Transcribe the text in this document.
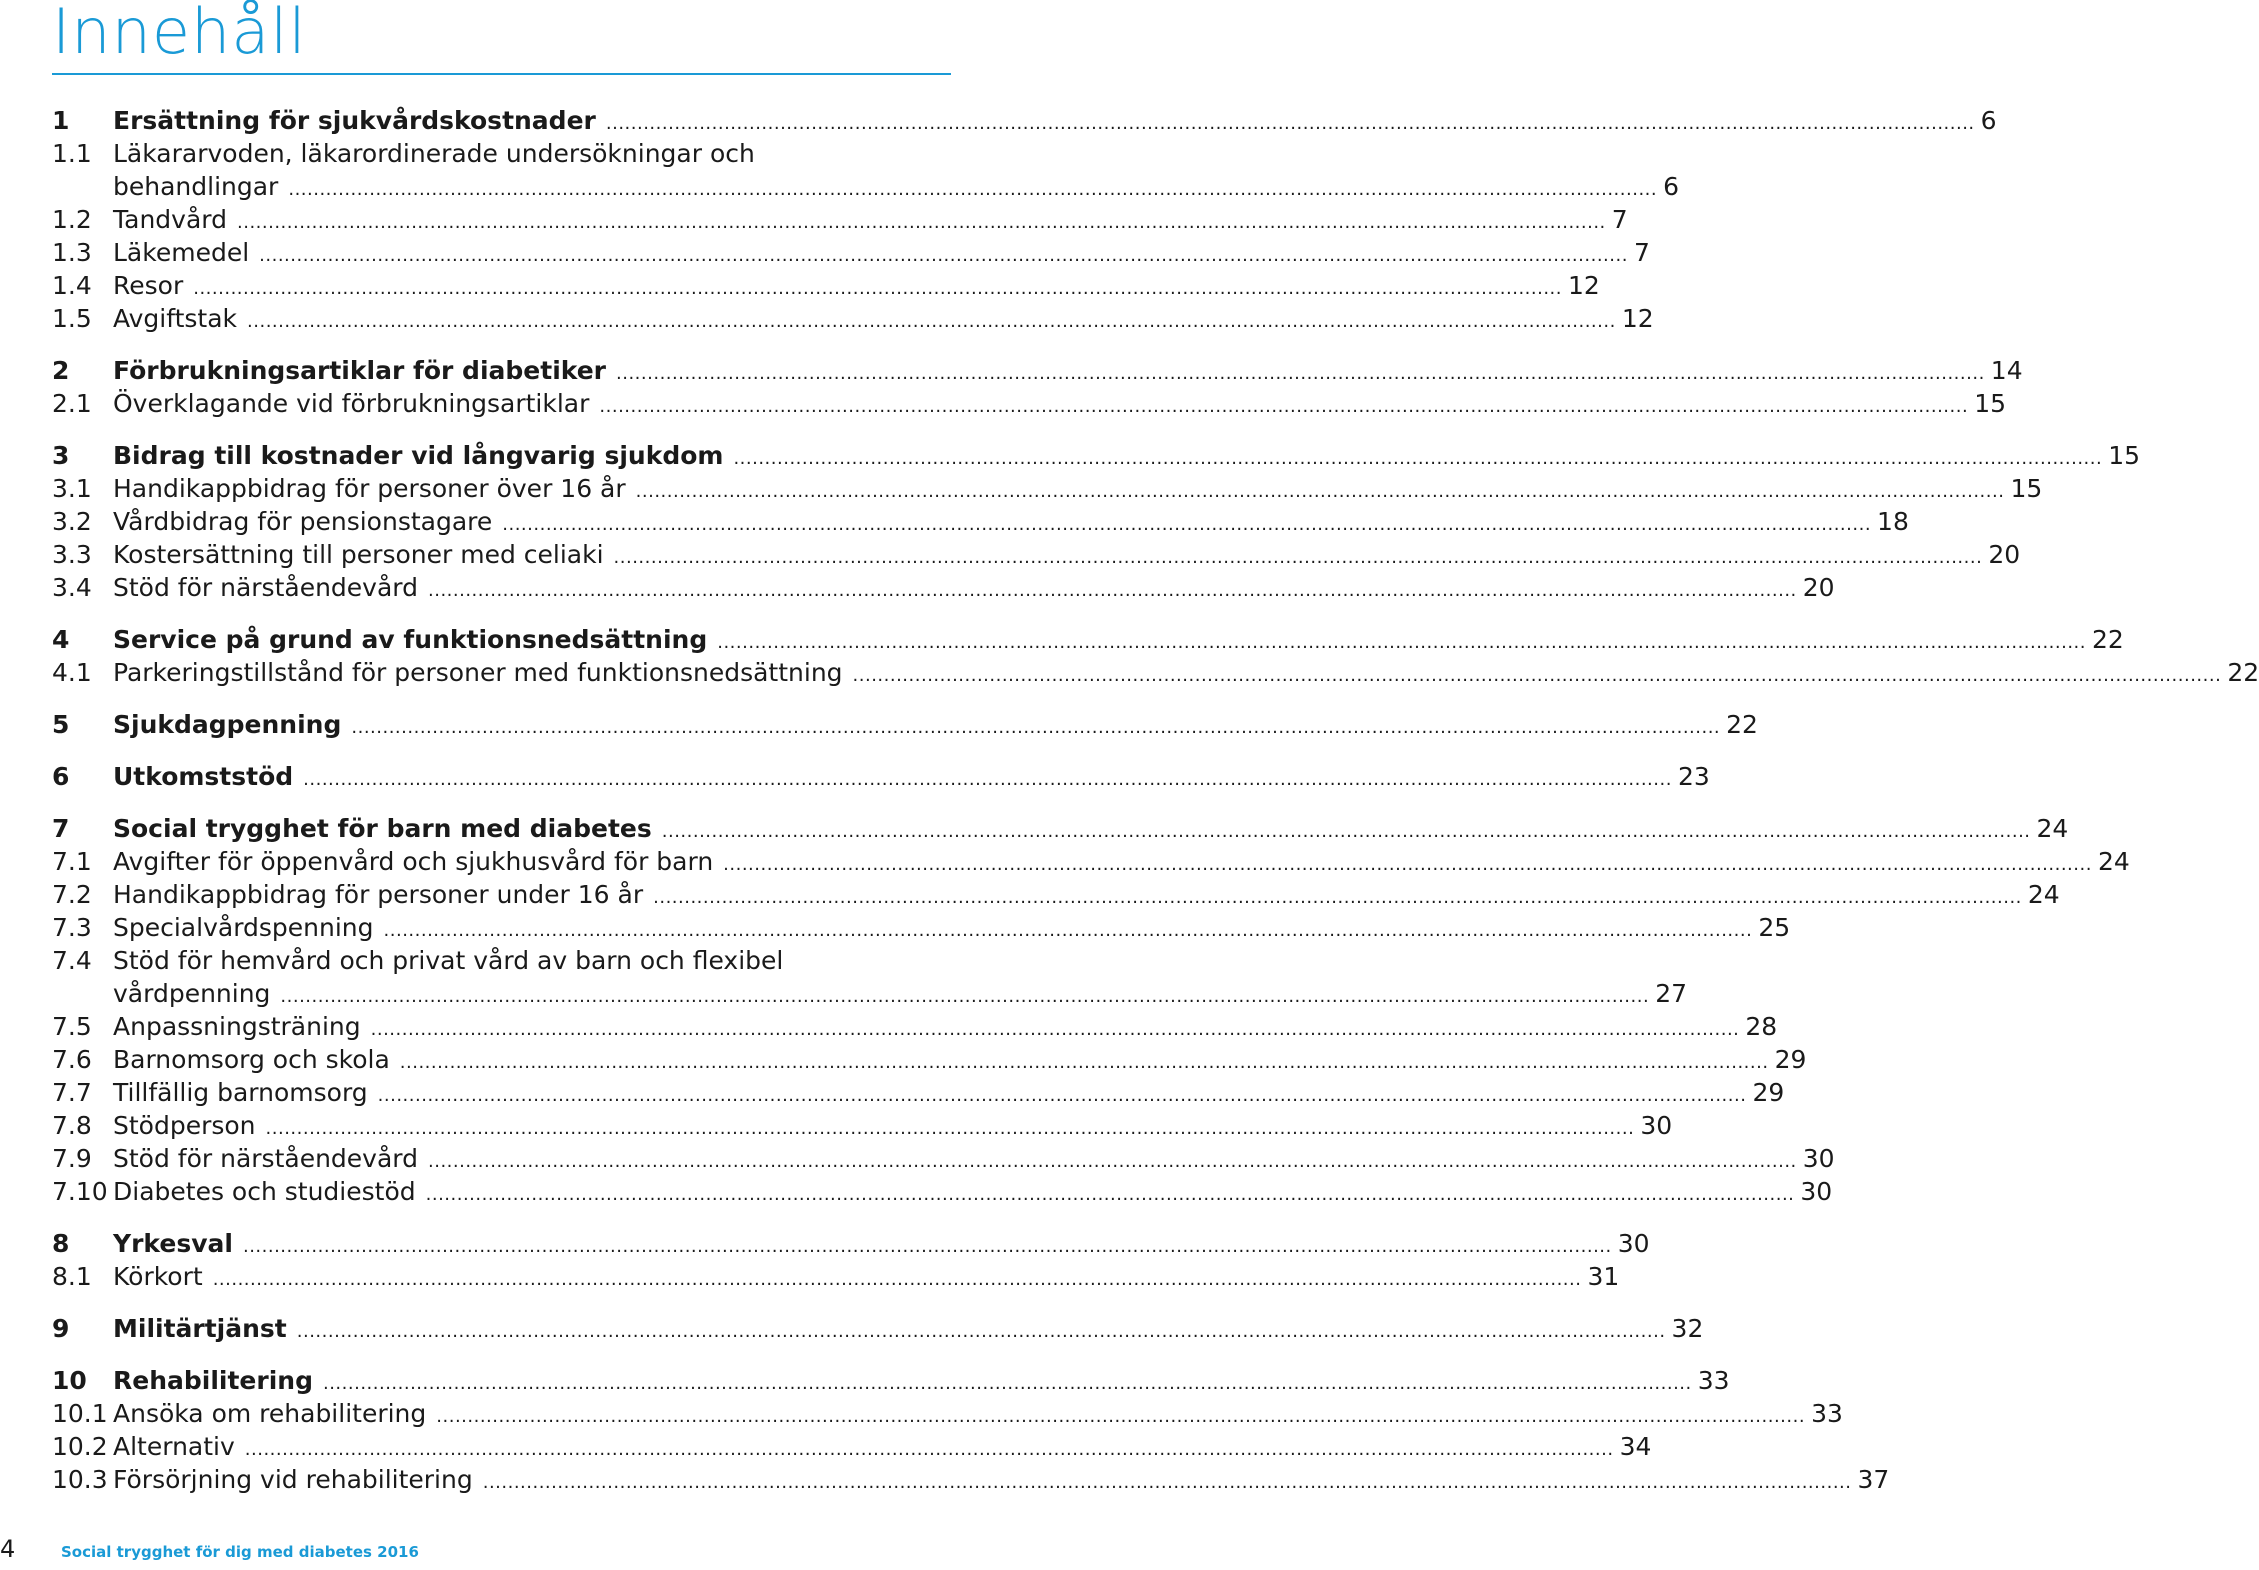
Innehåll
1 Ersättning för sjukvårdskostnader ............................................................................................................................................................................................................................ 6
1.1 Läkararvoden, läkarordinerade undersökningar och
behandlingar ............................................................................................................................................................................................................................ 6
1.2 Tandvård ............................................................................................................................................................................................................................ 7
1.3 Läkemedel ............................................................................................................................................................................................................................ 7
1.4 Resor ............................................................................................................................................................................................................................ 12
1.5 Avgiftstak ............................................................................................................................................................................................................................ 12
2 Förbrukningsartiklar för diabetiker ............................................................................................................................................................................................................................ 14
2.1 Överklagande vid förbrukningsartiklar ............................................................................................................................................................................................................................ 15
3 Bidrag till kostnader vid långvarig sjukdom ............................................................................................................................................................................................................................ 15
3.1 Handikappbidrag för personer över 16 år ............................................................................................................................................................................................................................ 15
3.2 Vårdbidrag för pensionstagare ............................................................................................................................................................................................................................ 18
3.3 Kostersättning till personer med celiaki ............................................................................................................................................................................................................................ 20
3.4 Stöd för närståendevård ............................................................................................................................................................................................................................ 20
4 Service på grund av funktionsnedsättning ............................................................................................................................................................................................................................ 22
4.1 Parkeringstillstånd för personer med funktionsnedsättning ............................................................................................................................................................................................................................ 22
5 Sjukdagpenning ............................................................................................................................................................................................................................ 22
6 Utkomststöd ............................................................................................................................................................................................................................ 23
7 Social trygghet för barn med diabetes ............................................................................................................................................................................................................................ 24
7.1 Avgifter för öppenvård och sjukhusvård för barn ............................................................................................................................................................................................................................ 24
7.2 Handikappbidrag för personer under 16 år ............................................................................................................................................................................................................................ 24
7.3 Specialvårdspenning ............................................................................................................................................................................................................................ 25
7.4 Stöd för hemvård och privat vård av barn och flexibel
vårdpenning ............................................................................................................................................................................................................................ 27
7.5 Anpassningsträning ............................................................................................................................................................................................................................ 28
7.6 Barnomsorg och skola ............................................................................................................................................................................................................................ 29
7.7 Tillfällig barnomsorg ............................................................................................................................................................................................................................ 29
7.8 Stödperson ............................................................................................................................................................................................................................ 30
7.9 Stöd för närståendevård ............................................................................................................................................................................................................................ 30
7.10 Diabetes och studiestöd ............................................................................................................................................................................................................................ 30
8 Yrkesval ............................................................................................................................................................................................................................ 30
8.1 Körkort ............................................................................................................................................................................................................................ 31
9 Militärtjänst ............................................................................................................................................................................................................................ 32
10 Rehabilitering ............................................................................................................................................................................................................................ 33
10.1 Ansöka om rehabilitering ............................................................................................................................................................................................................................ 33
10.2 Alternativ ............................................................................................................................................................................................................................ 34
10.3 Försörjning vid rehabilitering ............................................................................................................................................................................................................................ 37
4	Social trygghet för dig med diabetes 2016
